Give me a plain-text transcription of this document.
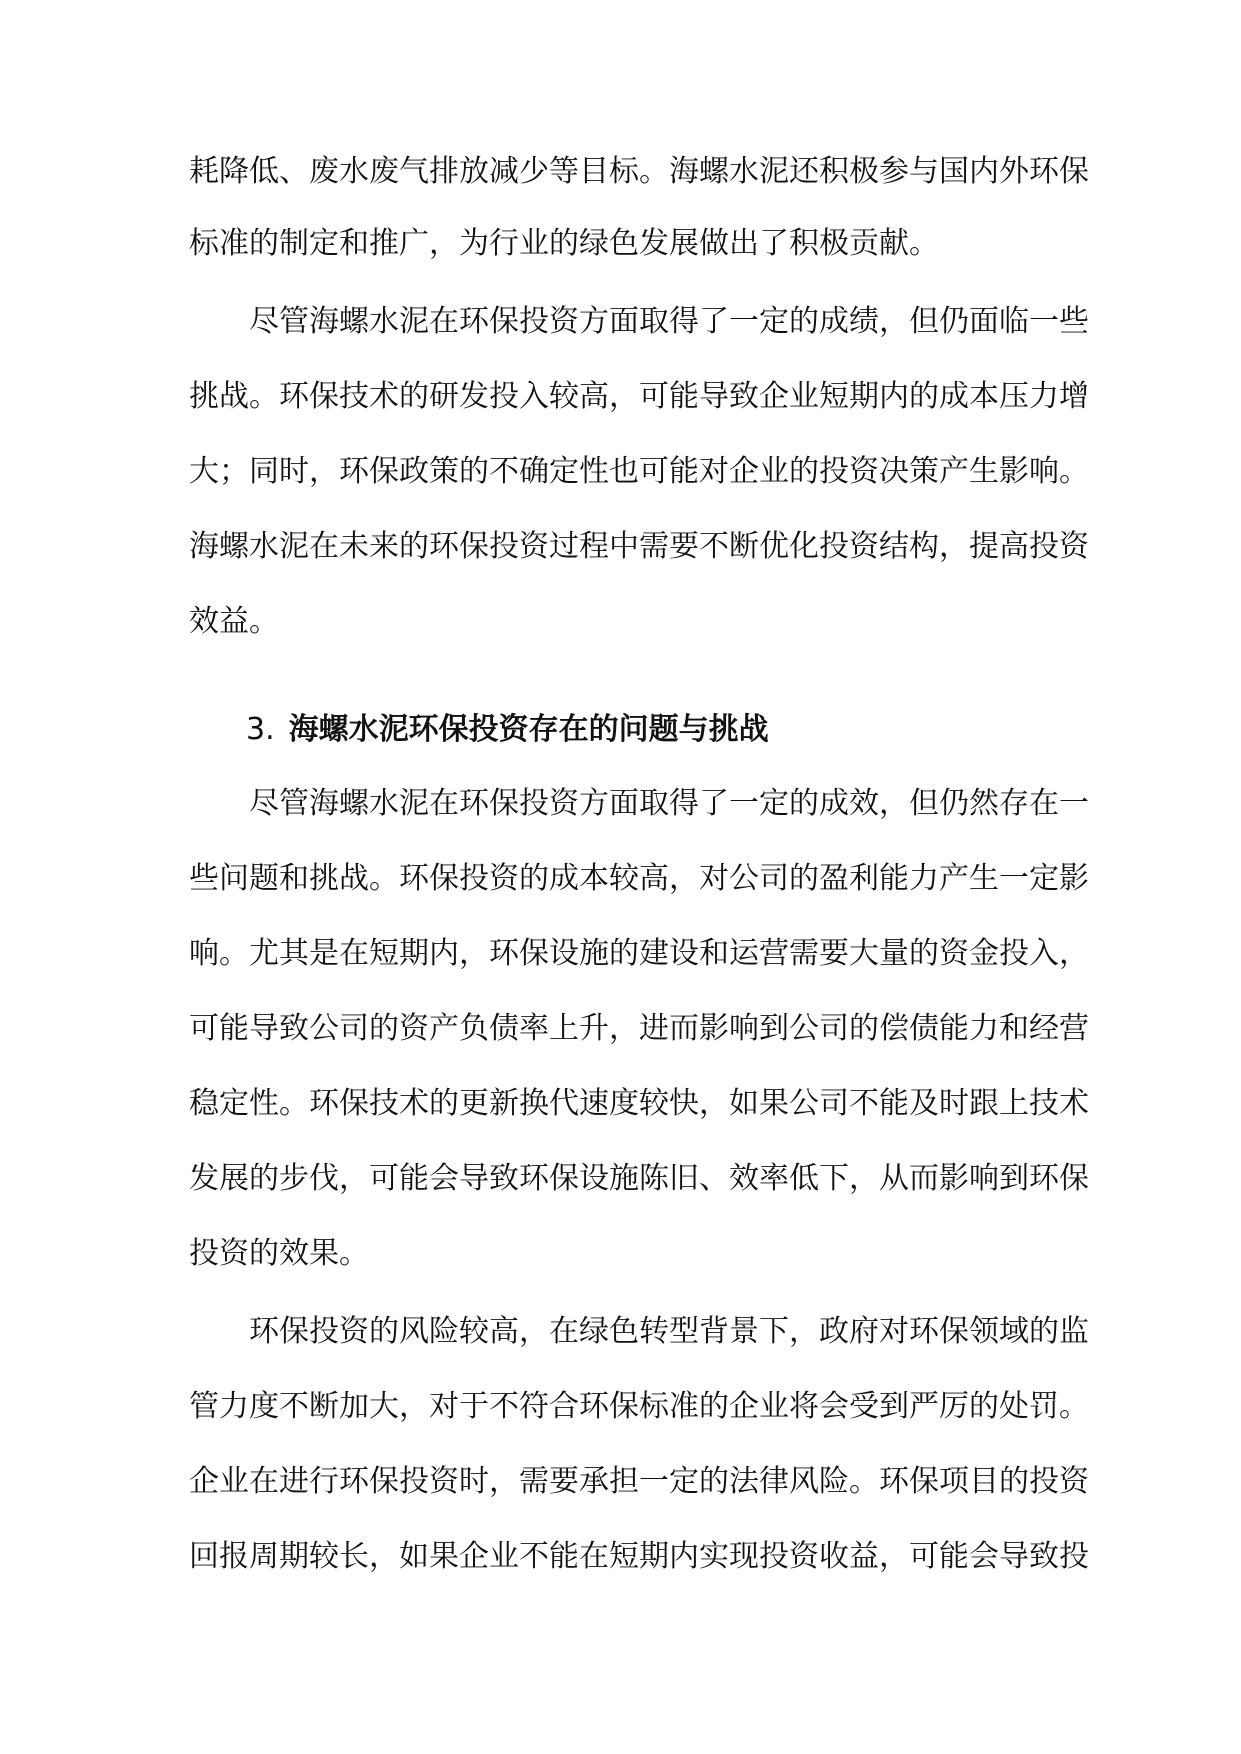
耗降低、废水废气排放减少等目标。海螺水泥还积极参与国内外环保
标准的制定和推广，为行业的绿色发展做出了积极贡献。
尽管海螺水泥在环保投资方面取得了一定的成绩，但仍面临一些
挑战。环保技术的研发投入较高，可能导致企业短期内的成本压力增
大；同时，环保政策的不确定性也可能对企业的投资决策产生影响。
海螺水泥在未来的环保投资过程中需要不断优化投资结构，提高投资
效益。
3. 海螺水泥环保投资存在的问题与挑战
尽管海螺水泥在环保投资方面取得了一定的成效，但仍然存在一
些问题和挑战。环保投资的成本较高，对公司的盈利能力产生一定影
响。尤其是在短期内，环保设施的建设和运营需要大量的资金投入，
可能导致公司的资产负债率上升，进而影响到公司的偿债能力和经营
稳定性。环保技术的更新换代速度较快，如果公司不能及时跟上技术
发展的步伐，可能会导致环保设施陈旧、效率低下，从而影响到环保
投资的效果。
环保投资的风险较高，在绿色转型背景下，政府对环保领域的监
管力度不断加大，对于不符合环保标准的企业将会受到严厉的处罚。
企业在进行环保投资时，需要承担一定的法律风险。环保项目的投资
回报周期较长，如果企业不能在短期内实现投资收益，可能会导致投
